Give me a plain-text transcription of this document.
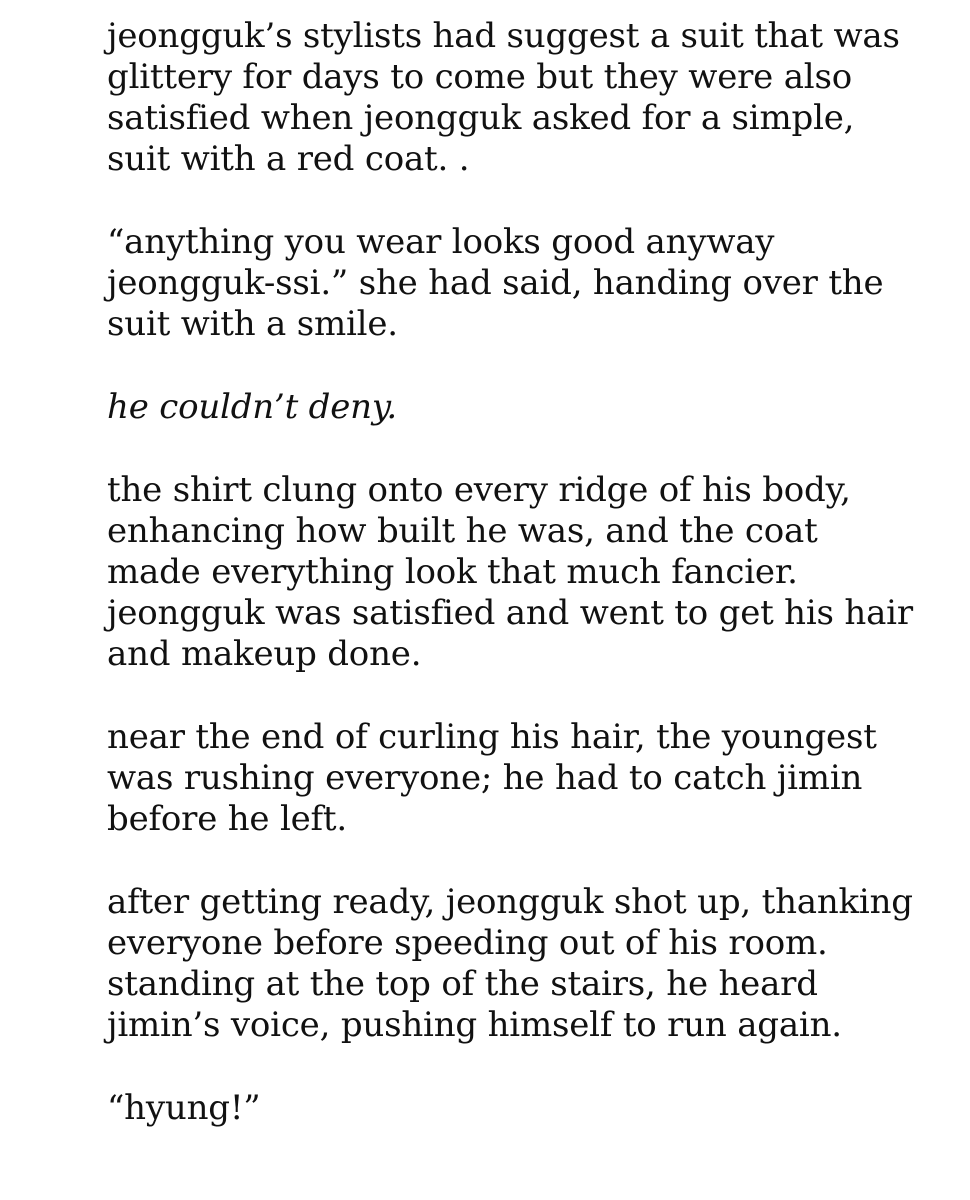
jeongguk’s stylists had suggest a suit that was
glittery for days to come but they were also
satisfied when jeongguk asked for a simple,
suit with a red coat. .

“anything you wear looks good anyway
jeongguk-ssi.” she had said, handing over the
suit with a smile.

he couldn’t deny.

the shirt clung onto every ridge of his body,
enhancing how built he was, and the coat
made everything look that much fancier.
jeongguk was satisfied and went to get his hair
and makeup done.

near the end of curling his hair, the youngest
was rushing everyone; he had to catch jimin
before he left.

after getting ready, jeongguk shot up, thanking
everyone before speeding out of his room.
standing at the top of the stairs, he heard
jimin’s voice, pushing himself to run again.

“hyung!”
